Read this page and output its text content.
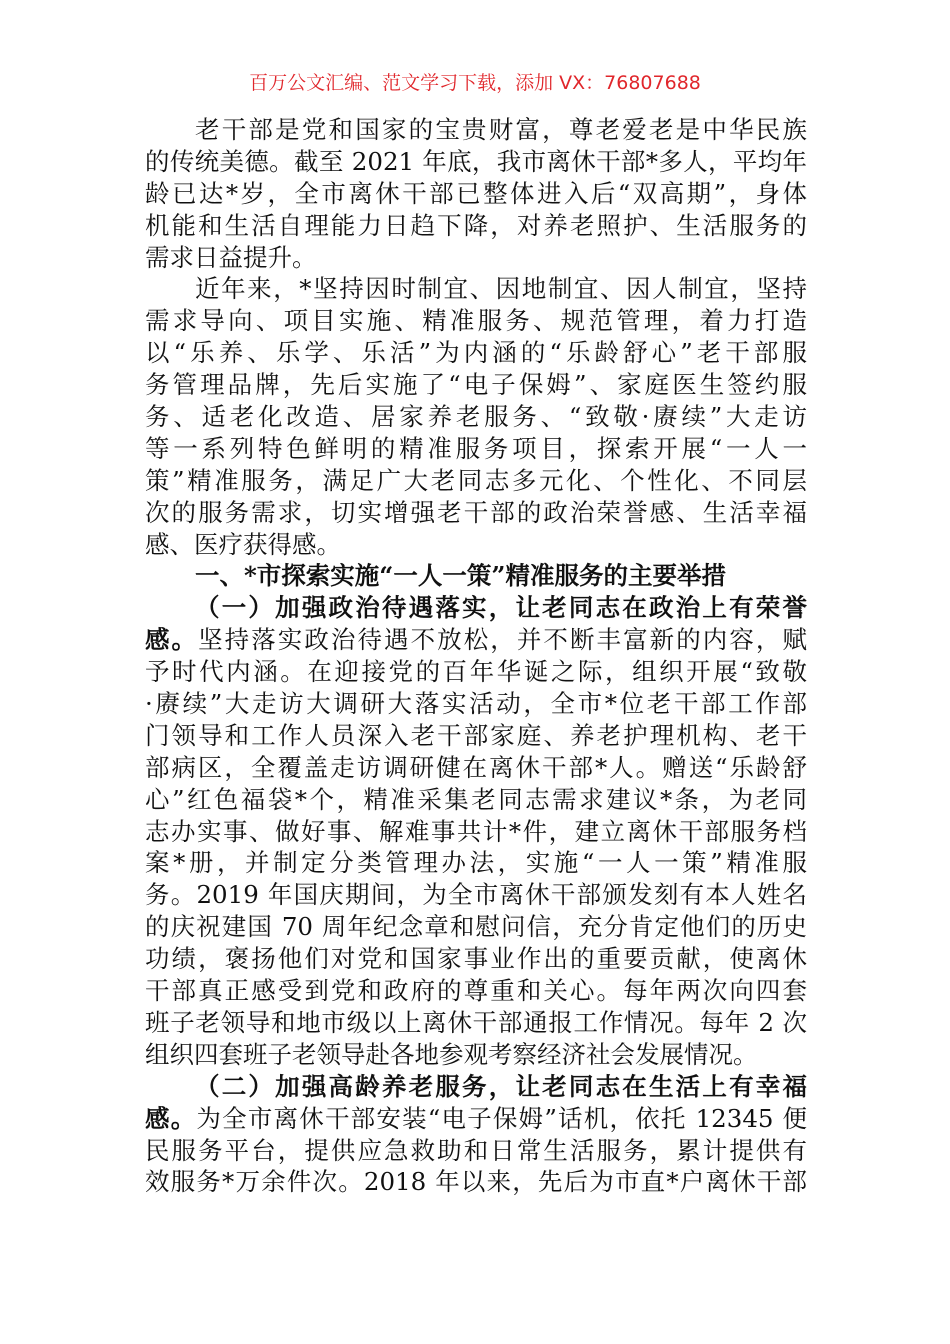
百万公文汇编、范文学习下载，添加 VX：76807688
老干部是党和国家的宝贵财富，尊老爱老是中华民族
的传统美德。截至 2021 年底，我市离休干部*多人，平均年
龄已达*岁，全市离休干部已整体进入后“双高期”，身体
机能和生活自理能力日趋下降，对养老照护、生活服务的
需求日益提升。
近年来，*坚持因时制宜、因地制宜、因人制宜，坚持
需求导向、项目实施、精准服务、规范管理，着力打造
以“乐养、乐学、乐活”为内涵的“乐龄舒心”老干部服
务管理品牌，先后实施了“电子保姆”、家庭医生签约服
务、适老化改造、居家养老服务、“致敬·赓续”大走访
等一系列特色鲜明的精准服务项目，探索开展“一人一
策”精准服务，满足广大老同志多元化、个性化、不同层
次的服务需求，切实增强老干部的政治荣誉感、生活幸福
感、医疗获得感。
一、*市探索实施“一人一策”精准服务的主要举措
（一）加强政治待遇落实，让老同志在政治上有荣誉
感。坚持落实政治待遇不放松，并不断丰富新的内容，赋
予时代内涵。在迎接党的百年华诞之际，组织开展“致敬
·赓续”大走访大调研大落实活动，全市*位老干部工作部
门领导和工作人员深入老干部家庭、养老护理机构、老干
部病区，全覆盖走访调研健在离休干部*人。赠送“乐龄舒
心”红色福袋*个，精准采集老同志需求建议*条，为老同
志办实事、做好事、解难事共计*件，建立离休干部服务档
案*册，并制定分类管理办法，实施“一人一策”精准服
务。2019 年国庆期间，为全市离休干部颁发刻有本人姓名
的庆祝建国 70 周年纪念章和慰问信，充分肯定他们的历史
功绩，褒扬他们对党和国家事业作出的重要贡献，使离休
干部真正感受到党和政府的尊重和关心。每年两次向四套
班子老领导和地市级以上离休干部通报工作情况。每年 2 次
组织四套班子老领导赴各地参观考察经济社会发展情况。
（二）加强高龄养老服务，让老同志在生活上有幸福
感。为全市离休干部安装“电子保姆”话机，依托 12345 便
民服务平台，提供应急救助和日常生活服务，累计提供有
效服务*万余件次。2018 年以来，先后为市直*户离休干部
